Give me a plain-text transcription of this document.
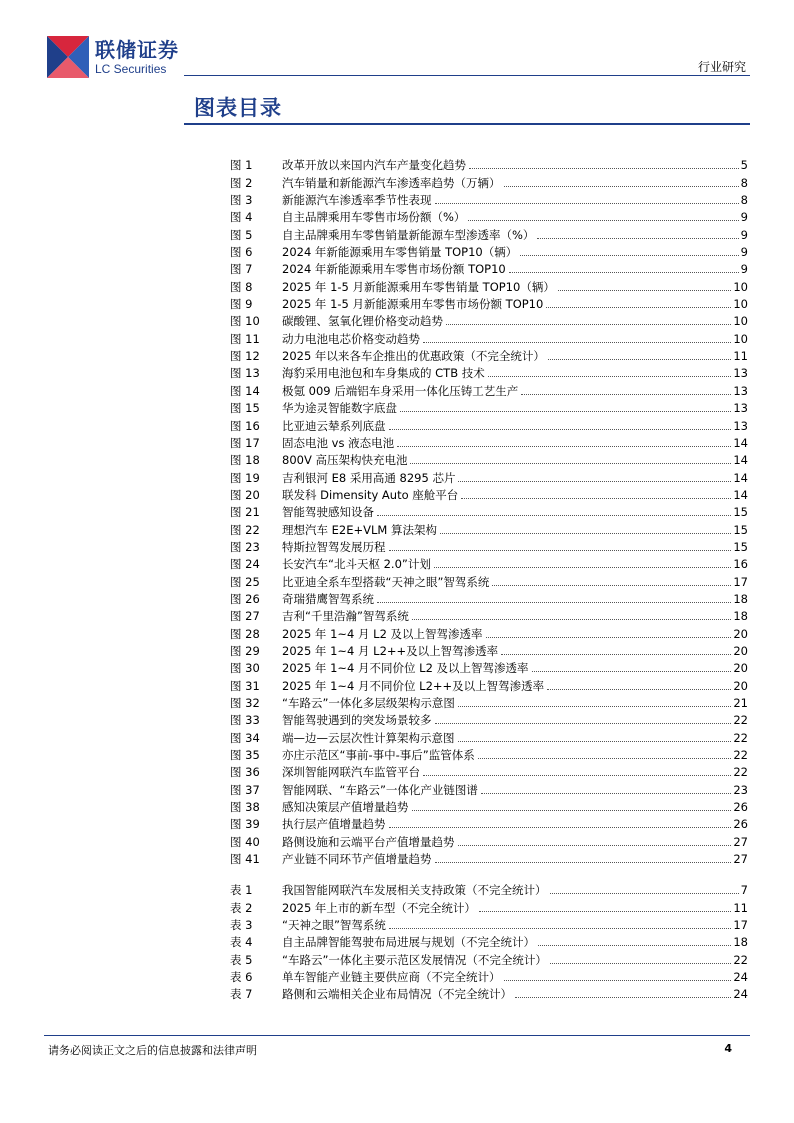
联储证券
LC Securities	行业研究
图表目录
图 1	改革开放以来国内汽车产量变化趋势	5
图 2	汽车销量和新能源汽车渗透率趋势（万辆）	8
图 3	新能源汽车渗透率季节性表现	8
图 4	自主品牌乘用车零售市场份额（%）	9
图 5	自主品牌乘用车零售销量新能源车型渗透率（%）	9
图 6	2024 年新能源乘用车零售销量 TOP10（辆）	9
图 7	2024 年新能源乘用车零售市场份额 TOP10	9
图 8	2025 年 1-5 月新能源乘用车零售销量 TOP10（辆）	10
图 9	2025 年 1-5 月新能源乘用车零售市场份额 TOP10	10
图 10	碳酸锂、氢氧化锂价格变动趋势	10
图 11	动力电池电芯价格变动趋势	10
图 12	2025 年以来各车企推出的优惠政策（不完全统计）	11
图 13	海豹采用电池包和车身集成的 CTB 技术	13
图 14	极氪 009 后端铝车身采用一体化压铸工艺生产	13
图 15	华为途灵智能数字底盘	13
图 16	比亚迪云辇系列底盘	13
图 17	固态电池 vs 液态电池	14
图 18	800V 高压架构快充电池	14
图 19	吉利银河 E8 采用高通 8295 芯片	14
图 20	联发科 Dimensity Auto 座舱平台	14
图 21	智能驾驶感知设备	15
图 22	理想汽车 E2E+VLM 算法架构	15
图 23	特斯拉智驾发展历程	15
图 24	长安汽车“北斗天枢 2.0”计划	16
图 25	比亚迪全系车型搭载“天神之眼”智驾系统	17
图 26	奇瑞猎鹰智驾系统	18
图 27	吉利“千里浩瀚”智驾系统	18
图 28	2025 年 1~4 月 L2 及以上智驾渗透率	20
图 29	2025 年 1~4 月 L2++及以上智驾渗透率	20
图 30	2025 年 1~4 月不同价位 L2 及以上智驾渗透率	20
图 31	2025 年 1~4 月不同价位 L2++及以上智驾渗透率	20
图 32	“车路云”一体化多层级架构示意图	21
图 33	智能驾驶遇到的突发场景较多	22
图 34	端—边—云层次性计算架构示意图	22
图 35	亦庄示范区“事前-事中-事后”监管体系	22
图 36	深圳智能网联汽车监管平台	22
图 37	智能网联、“车路云”一体化产业链图谱	23
图 38	感知决策层产值增量趋势	26
图 39	执行层产值增量趋势	26
图 40	路侧设施和云端平台产值增量趋势	27
图 41	产业链不同环节产值增量趋势	27
表 1	我国智能网联汽车发展相关支持政策（不完全统计）	7
表 2	2025 年上市的新车型（不完全统计）	11
表 3	“天神之眼”智驾系统	17
表 4	自主品牌智能驾驶布局进展与规划（不完全统计）	18
表 5	“车路云”一体化主要示范区发展情况（不完全统计）	22
表 6	单车智能产业链主要供应商（不完全统计）	24
表 7	路侧和云端相关企业布局情况（不完全统计）	24
请务必阅读正文之后的信息披露和法律声明	4
